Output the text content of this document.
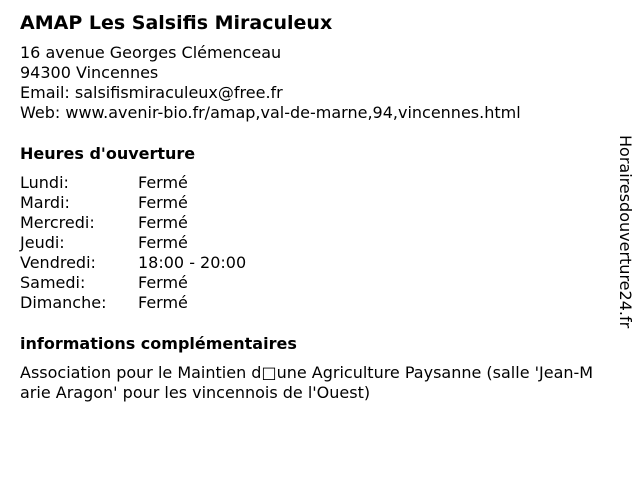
AMAP Les Salsifis Miraculeux
16 avenue Georges Clémenceau
94300 Vincennes
Email: salsifismiraculeux@free.fr
Web: www.avenir-bio.fr/amap,val-de-marne,94,vincennes.html
Heures d'ouverture
Lundi:	Fermé
Mardi:	Fermé
Mercredi:	Fermé
Jeudi:	Fermé
Vendredi:	18:00 - 20:00
Samedi:	Fermé
Dimanche:	Fermé
informations complémentaires
Association pour le Maintien d□une Agriculture Paysanne (salle 'Jean-Marie Aragon' pour les vincennois de l'Ouest)
Horairesdouverture24.fr
